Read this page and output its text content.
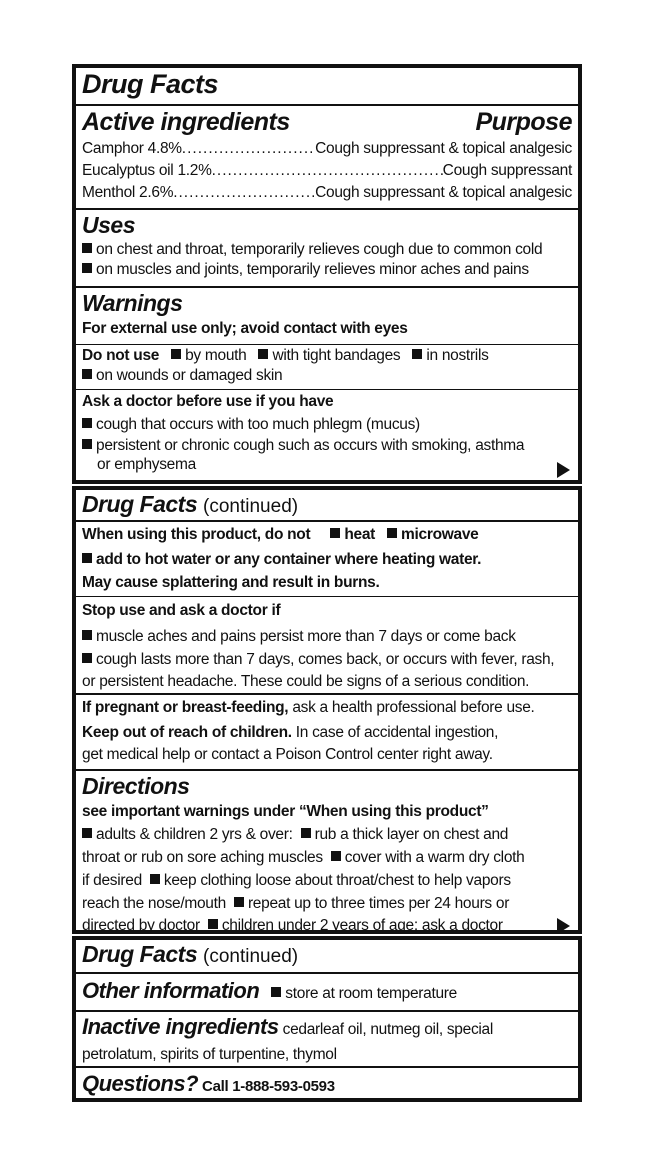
Drug Facts
Active ingredients	Purpose
Camphor 4.8% .....	Cough suppressant & topical analgesic
Eucalyptus oil 1.2% .....	Cough suppressant
Menthol 2.6% .....	Cough suppressant & topical analgesic
Uses
on chest and throat, temporarily relieves cough due to common cold
on muscles and joints, temporarily relieves minor aches and pains
Warnings
For external use only; avoid contact with eyes
Do not use by mouth with tight bandages in nostrils
on wounds or damaged skin
Ask a doctor before use if you have
cough that occurs with too much phlegm (mucus)
persistent or chronic cough such as occurs with smoking, asthma
or emphysema
Drug Facts (continued)
When using this product, do not heat microwave
add to hot water or any container where heating water.
May cause splattering and result in burns.
Stop use and ask a doctor if
muscle aches and pains persist more than 7 days or come back
cough lasts more than 7 days, comes back, or occurs with fever, rash,
or persistent headache. These could be signs of a serious condition.
If pregnant or breast-feeding, ask a health professional before use.
Keep out of reach of children. In case of accidental ingestion,
get medical help or contact a Poison Control center right away.
Directions
see important warnings under “When using this product”
adults & children 2 yrs & over: rub a thick layer on chest and
throat or rub on sore aching muscles cover with a warm dry cloth
if desired keep clothing loose about throat/chest to help vapors
reach the nose/mouth repeat up to three times per 24 hours or
directed by doctor children under 2 years of age: ask a doctor
Drug Facts (continued)
Other information store at room temperature
Inactive ingredients cedarleaf oil, nutmeg oil, special
petrolatum, spirits of turpentine, thymol
Questions? Call 1-888-593-0593
